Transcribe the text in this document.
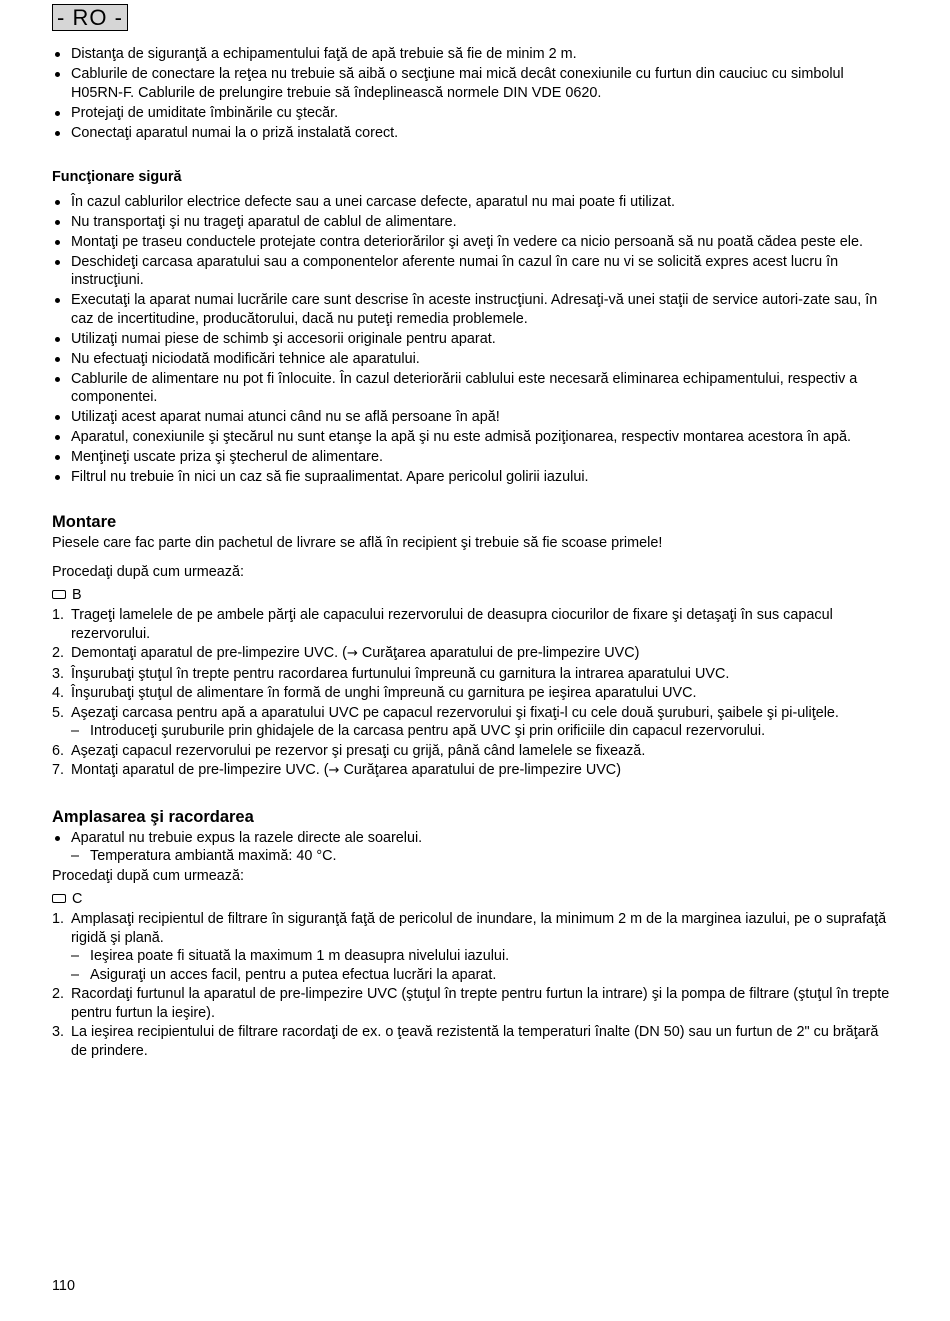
- RO -
Distanţa de siguranţă a echipamentului faţă de apă trebuie să fie de minim 2 m.
Cablurile de conectare la reţea nu trebuie să aibă o secţiune mai mică decât conexiunile cu furtun din cauciuc cu simbolul H05RN-F. Cablurile de prelungire trebuie să îndeplinească normele DIN VDE 0620.
Protejaţi de umiditate îmbinările cu ştecăr.
Conectaţi aparatul numai la o priză instalată corect.
Funcţionare sigură
În cazul cablurilor electrice defecte sau a unei carcase defecte, aparatul nu mai poate fi utilizat.
Nu transportaţi şi nu trageţi aparatul de cablul de alimentare.
Montaţi pe traseu conductele protejate contra deteriorărilor şi aveţi în vedere ca nicio persoană să nu poată cădea peste ele.
Deschideţi carcasa aparatului sau a componentelor aferente numai în cazul în care nu vi se solicită expres acest lucru în instrucţiuni.
Executaţi la aparat numai lucrările care sunt descrise în aceste instrucţiuni. Adresaţi-vă unei staţii de service autori-zate sau, în caz de incertitudine, producătorului, dacă nu puteţi remedia problemele.
Utilizaţi numai piese de schimb şi accesorii originale pentru aparat.
Nu efectuaţi niciodată modificări tehnice ale aparatului.
Cablurile de alimentare nu pot fi înlocuite. În cazul deteriorării cablului este necesară eliminarea echipamentului, respectiv a componentei.
Utilizaţi acest aparat numai atunci când nu se află persoane în apă!
Aparatul, conexiunile şi ştecărul nu sunt etanşe la apă şi nu este admisă poziţionarea, respectiv montarea acestora în apă.
Menţineţi uscate priza şi ştecherul de alimentare.
Filtrul nu trebuie în nici un caz să fie supraalimentat. Apare pericolul golirii iazului.
Montare
Piesele care fac parte din pachetul de livrare se află în recipient şi trebuie să fie scoase primele!
Procedaţi după cum urmează:
B
1. Trageţi lamelele de pe ambele părţi ale capacului rezervorului de deasupra ciocurilor de fixare şi detaşaţi în sus capacul rezervorului.
2. Demontaţi aparatul de pre-limpezire UVC. (→ Curăţarea aparatului de pre-limpezire UVC)
3. Înşurubaţi ştuţul în trepte pentru racordarea furtunului împreună cu garnitura la intrarea aparatului UVC.
4. Înşurubaţi ştuţul de alimentare în formă de unghi împreună cu garnitura pe ieşirea aparatului UVC.
5. Aşezaţi carcasa pentru apă a aparatului UVC pe capacul rezervorului şi fixaţi-l cu cele două şuruburi, şaibele şi pi-uliţele.
– Introduceţi şuruburile prin ghidajele de la carcasa pentru apă UVC şi prin orificiile din capacul rezervorului.
6. Aşezaţi capacul rezervorului pe rezervor şi presaţi cu grijă, până când lamelele se fixează.
7. Montaţi aparatul de pre-limpezire UVC. (→ Curăţarea aparatului de pre-limpezire UVC)
Amplasarea şi racordarea
Aparatul nu trebuie expus la razele directe ale soarelui.
– Temperatura ambiantă maximă: 40 °C.
Procedaţi după cum urmează:
C
1. Amplasaţi recipientul de filtrare în siguranţă faţă de pericolul de inundare, la minimum 2 m de la marginea iazului, pe o suprafaţă rigidă şi plană.
– Ieşirea poate fi situată la maximum 1 m deasupra nivelului iazului.
– Asiguraţi un acces facil, pentru a putea efectua lucrări la aparat.
2. Racordaţi furtunul la aparatul de pre-limpezire UVC (ştuţul în trepte pentru furtun la intrare) şi la pompa de filtrare (ştuţul în trepte pentru furtun la ieşire).
3. La ieşirea recipientului de filtrare racordaţi de ex. o ţeavă rezistentă la temperaturi înalte (DN 50) sau un furtun de 2" cu brăţară de prindere.
110
